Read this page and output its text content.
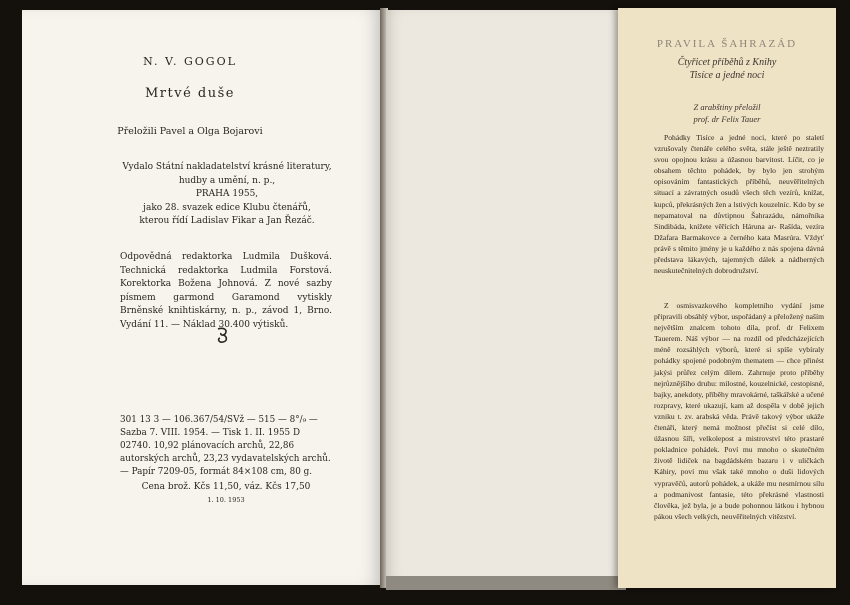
N. V. GOGOL
Mrtvé duše
Přeložili Pavel a Olga Bojarovi
Vydalo Státní nakladatelství krásné literatury,
hudby a umění, n. p.,
PRAHA 1955,
jako 28. svazek edice Klubu čtenářů,
kterou řídí Ladislav Fikar a Jan Řezáč.
Odpovědná redaktorka Ludmila Dušková. Technická redaktorka Ludmila Forstová. Korektorka Božena Johnová. Z nové sazby písmem garmond Garamond vytiskly Brněnské knihtiskárny, n. p., závod 1, Brno. Vydání 11. — Náklad 30.400 výtisků.
301 13 3 — 106.367/54/SVž — 515 — 8°/₉ — Sazba 7. VIII. 1954. — Tisk 1. II. 1955 D 02740. 10,92 plánovacích archů, 22,86 autorských archů, 23,23 vydavatelských archů. — Papír 7209-05, formát 84×108 cm, 80 g.
Cena brož. Kčs 11,50, váz. Kčs 17,50
1. 10. 1953
PRAVILA ŠAHRAZÁD
Čtyřicet příběhů z Knihy
Tisíce a jedné noci
Z arabštiny přeložil
prof. dr Felix Tauer

Pohádky Tisíce a jedné noci, které po staletí vzrušovaly čtenáře celého světa, stále ještě neztratily svou opojnou krásu a úžasnou barvitost. Líčit, co je obsahem těchto pohádek, by bylo jen strohým opisováním fantastických příběhů, neuvěřitelných situací a závratných osudů všech těch vezírů, knížat, kupců, překrásných žen a lstivých kouzelníc. Kdo by se nepamatoval na důvtipnou Šahrazádu, námořníka Sindibáda, knížete věřících Háruna ar- Rašída, vezíra Džafara Barmakovce a černého kata Masrúra. Vždyť právě s těmito jmény je u každého z nás spojena dávná představa lákavých, tajemných dálek a nádherných neuskutečnitelných dobrodružství.

Z osmisvazkového kompletního vydání jsme připravili obsáhlý výbor, uspořádaný a přeložený naším největším znalcem tohoto díla, prof. dr Felixem Tauerem. Náš výbor — na rozdíl od předcházejících méně rozsáhlých výborů, které si spíše vybíraly pohádky spojené podobným thematem — chce přinést jakýsi průřez celým dílem. Zahrnuje proto příběhy nejrůznějšího druhu: milostné, kouzelnické, cestopisné, bajky, anekdoty, příběhy mravokárné, taškářské a učené rozpravy, které ukazují, kam až dospěla v době jejich vzniku t. zv. arabská věda. Právě takový výbor ukáže čtenáři, který nemá možnost přečíst si celé dílo, úžasnou šíři, velkolepost a mistrovství této prastaré pokladnice pohádek. Poví mu mnoho o skutečném životě lidiček na bagdádském bazaru i v uličkách Káhiry, poví mu však také mnoho o duši lidových vypravěčů, autorů pohádek, a ukáže mu nesmírnou sílu a podmanivost fantasie, této překrásné vlastnosti člověka, jež byla, je a bude pohonnou látkou i hybnou pákou všech velkých, neuvěřitelných vítězství.
